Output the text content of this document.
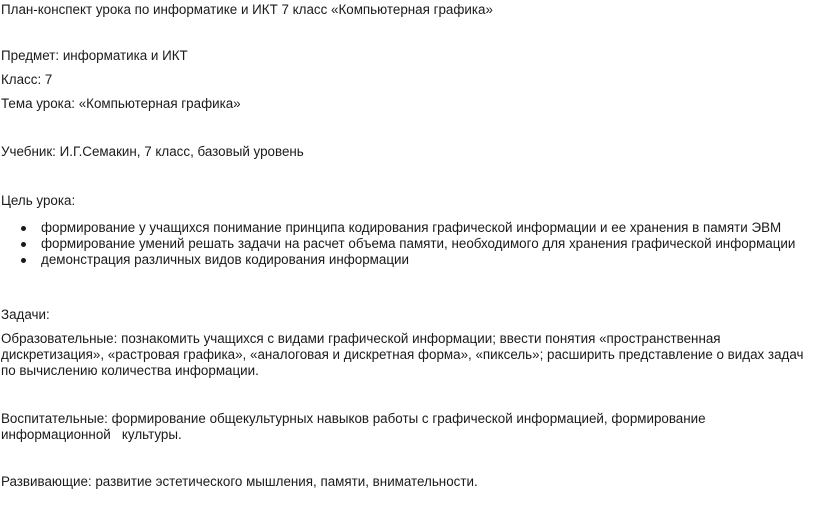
План-конспект урока по информатике и ИКТ 7 класс «Компьютерная графика»
Предмет: информатика и ИКТ
Класс: 7
Тема урока: «Компьютерная графика»
Учебник: И.Г.Семакин, 7 класс, базовый уровень
Цель урока:
формирование у учащихся понимание принципа кодирования графической информации и ее хранения в памяти ЭВМ
формирование умений решать задачи на расчет объема памяти, необходимого для хранения графической информации
демонстрация различных видов кодирования информации
Задачи:
Образовательные: познакомить учащихся с видами графической информации; ввести понятия «пространственная
дискретизация», «растровая графика», «аналоговая и дискретная форма», «пиксель»; расширить представление о видах задач
по вычислению количества информации.
Воспитательные: формирование общекультурных навыков работы с графической информацией, формирование
информационной   культуры.
Развивающие: развитие эстетического мышления, памяти, внимательности.
